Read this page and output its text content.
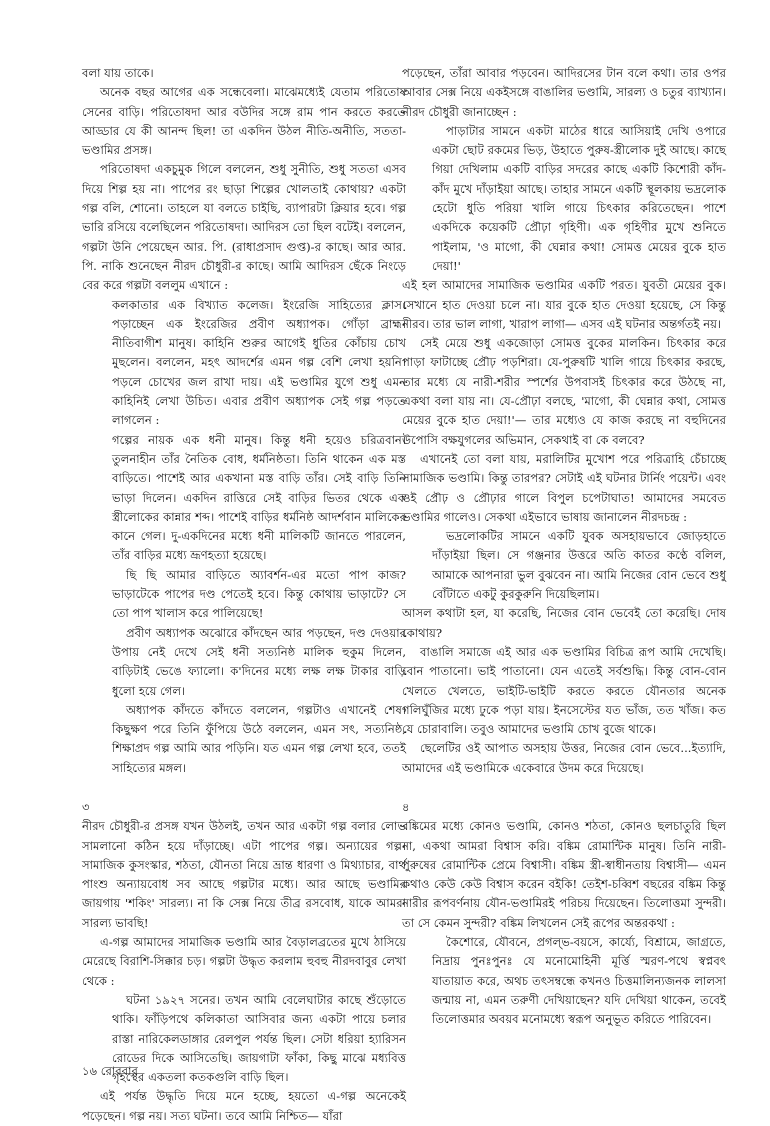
বলা যায় তাকে।

অনেক বছর আগের এক সন্ধেবেলা। মাঝেমধ্যেই যেতাম পরিতোষ সেনের বাড়ি। পরিতোষদা আর বউদির সঙ্গে রাম পান করতে করতে আড্ডার যে কী আনন্দ ছিল! তা একদিন উঠল নীতি-অনীতি, সততা-ভণ্ডামির প্রসঙ্গ।

পরিতোষদা একচুমুক গিলে বললেন, শুধু সুনীতি, শুধু সততা এসব দিয়ে শিল্প হয় না। পাপের রং ছাড়া শিল্পের খোলতাই কোথায়? একটা গল্প বলি, শোনো। তাহলে যা বলতে চাইছি, ব্যাপারটা ক্লিয়ার হবে। গল্প ভারি রসিয়ে বলেছিলেন পরিতোষদা। আদিরস তো ছিল বটেই। বললেন, গল্পটা উনি পেয়েছেন আর. পি. (রাধাপ্রসাদ গুপ্ত)-র কাছে। আর আর. পি. নাকি শুনেছেন নীরদ চৌধুরী-র কাছে। আমি আদিরস ছেঁকে নিংড়ে বের করে গল্পটা বললুম এখানে :

কলকাতার এক বিখ্যাত কলেজ। ইংরেজি সাহিত্যের ক্লাস। পড়াচ্ছেন এক ইংরেজির প্রবীণ অধ্যাপক। গোঁড়া ব্রাহ্ম। নীতিবাগীশ মানুষ। কাহিনি শুরুর আগেই ধুতির কোঁচায় চোখ মুছলেন। বললেন, মহৎ আদর্শের এমন গল্প বেশি লেখা হয়নি। পড়লে চোখের জল রাখা দায়। এই ভণ্ডামির যুগে শুধু এমন কাহিনিই লেখা উচিত। এবার প্রবীণ অধ্যাপক সেই গল্প পড়তে লাগলেন :

গল্পের নায়ক এক ধনী মানুষ। কিন্তু ধনী হয়েও চরিত্রবান। তুলনাহীন তাঁর নৈতিক বোধ, ধর্মনিষ্ঠতা। তিনি থাকেন এক মস্ত বাড়িতে। পাশেই আর একখানা মস্ত বাড়ি তাঁর। সেই বাড়ি তিনি ভাড়া দিলেন। একদিন রাত্তিরে সেই বাড়ির ভিতর থেকে এক স্ত্রীলোকের কান্নার শব্দ। পাশেই বাড়ির ধর্মনিষ্ঠ আদর্শবান মালিকের কানে গেল। দু-একদিনের মধ্যে ধনী মালিকটি জানতে পারলেন, তাঁর বাড়ির মধ্যে ভ্রূণহত্যা হয়েছে।

ছি ছি আমার বাড়িতে অ্যাবর্শন-এর মতো পাপ কাজ? ভাড়াটেকে পাপের দণ্ড পেতেই হবে। কিন্তু কোথায় ভাড়াটে? সে তো পাপ খালাস করে পালিয়েছে!

প্রবীণ অধ্যাপক অঝোরে কাঁদছেন আর পড়ছেন, দণ্ড দেওয়ার উপায় নেই দেখে সেই ধনী সত্যনিষ্ঠ মালিক হুকুম দিলেন, বাড়িটাই ভেঙে ফ্যালো। ক'দিনের মধ্যে লক্ষ লক্ষ টাকার বাড়ি ধুলো হয়ে গেল।

অধ্যাপক কাঁদতে কাঁদতে বললেন, গল্পটাও এখানেই শেষ। কিছুক্ষণ পরে তিনি ফুঁপিয়ে উঠে বললেন, এমন সৎ, সত্যনিষ্ঠ, শিক্ষাপ্রদ গল্প আমি আর পড়িনি। যত এমন গল্প লেখা হবে, ততই সাহিত্যের মঙ্গল।

৩

নীরদ চৌধুরী-র প্রসঙ্গ যখন উঠলই, তখন আর একটা গল্প বলার লোভ সামলানো কঠিন হয়ে দাঁড়াচ্ছে। এটা পাপের গল্প। অন্যায়ের গল্প। সামাজিক কুসংস্কার, শঠতা, যৌনতা নিয়ে ভ্রান্ত ধারণা ও মিথ্যাচার, বার্থ পাংশু অন্যায়বোধ সব আছে গল্পটার মধ্যে। আর আছে ভণ্ডামির জায়গায় 'শকিং' সারল্য। না কি সেক্স নিয়ে তীব্র রসবোধ, যাকে আমরা সারল্য ভাবছি!

এ-গল্প আমাদের সামাজিক ভণ্ডামি আর বৈড়ালব্রতের মুখে ঠাসিয়ে মেরেছে বিরাশি-সিক্কার চড়। গল্পটা উদ্ধৃত করলাম হুবহু নীরদবাবুর লেখা থেকে :

ঘটনা ১৯২৭ সনের। তখন আমি বেলেঘাটার কাছে শুঁড়োতে থাকি। ফাঁড়িপথে কলিকাতা আসিবার জন্য একটা পায়ে চলার রাস্তা নারিকেলডাঙ্গার রেলপুল পর্যন্ত ছিল। সেটা ধরিয়া হ্যারিসন রোডের দিকে আসিতেছি। জায়গাটা ফাঁকা, কিছু মাঝে মধ্যবিত্ত গৃহস্থের একতলা কতকগুলি বাড়ি ছিল।

এই পর্যন্ত উদ্ধৃতি দিয়ে মনে হচ্ছে, হয়তো এ-গল্প অনেকেই পড়েছেন। গল্প নয়। সত্য ঘটনা। তবে আমি নিশ্চিত— যাঁরা

পড়েছেন, তাঁরা আবার পড়বেন। আদিরসের টান বলে কথা। তার ওপর আবার সেক্স নিয়ে একইসঙ্গে বাঙালির ভণ্ডামি, সারল্য ও চতুর ব্যাখ্যান। নীরদ চৌধুরী জানাচ্ছেন :

পাড়াটার সামনে একটা মাঠের ধারে আসিয়াই দেখি ওপারে একটা ছোট রকমের ভিড়, উহাতে পুরুষ-স্ত্রীলোক দুই আছে। কাছে গিয়া দেখিলাম একটি বাড়ির সদরের কাছে একটি কিশোরী কাঁদ-কাঁদ মুখে দাঁড়াইয়া আছে। তাহার সামনে একটি স্থূলকায় ভদ্রলোক হেটো ধুতি পরিয়া খালি গায়ে চিৎকার করিতেছেন। পাশে একদিকে কয়েকটি প্রৌঢ়া গৃহিণী। এক গৃহিণীর মুখে শুনিতে পাইলাম, 'ও মাগো, কী ঘেন্নার কথা! সোমত্ত মেয়ের বুকে হাত দেয়া!'

এই হল আমাদের সামাজিক ভণ্ডামির একটি পরত। যুবতী মেয়ের বুক। সেখানে হাত দেওয়া চলে না। যার বুকে হাত দেওয়া হয়েছে, সে কিন্তু নীরব। তার ভাল লাগা, খারাপ লাগা— এসব এই ঘটনার অন্তর্গতই নয়।

সেই মেয়ে শুধু একজোড়া সোমত্ত বুকের মালকিন। চিৎকার করে পাড়া ফাটাচ্ছে প্রৌঢ় পড়শিরা। যে-পুরুষটি খালি গায়ে চিৎকার করছে, তার মধ্যে যে নারী-শরীর স্পর্শের উপবাসই চিৎকার করে উঠছে না, একথা বলা যায় না। যে-প্রৌঢ়া বলছে, 'মাগো, কী ঘেন্নার কথা, সোমত্ত মেয়ের বুকে হাত দেয়া!'— তার মধ্যেও যে কাজ করছে না বহুদিনের উপোসি বক্ষযুগলের অভিমান, সেকথাই বা কে বলবে?

এখানেই তো বলা যায়, মরালিটির মুখোশ পরে পরিত্রাহি চেঁচাচ্ছে সামাজিক ভণ্ডামি। কিন্তু তারপর? সেটাই এই ঘটনার টার্নিং পয়েন্ট। এবং ওই প্রৌঢ় ও প্রৌঢ়ার গালে বিপুল চপেটাঘাত! আমাদের সমবেত ভণ্ডামির গালেও। সেকথা এইভাবে ভাষায় জানালেন নীরদচন্দ্র :

ভদ্রলোকটির সামনে একটি যুবক অসহায়ভাবে জোড়হাতে দাঁড়াইয়া ছিল। সে গঞ্জনার উত্তরে অতি কাতর কণ্ঠে বলিল, আমাকে আপনারা ভুল বুঝবেন না। আমি নিজের বোন ভেবে শুধু বোঁটাতে একটু কুরকুরুনি দিয়েছিলাম।

আসল কথাটা হল, যা করেছি, নিজের বোন ভেবেই তো করেছি। দোষ কোথায়?

বাঙালি সমাজে এই আর এক ভণ্ডামির বিচিত্র রূপ আমি দেখেছি। বোন পাতানো। ভাই পাতানো। যেন এতেই সর্বশুদ্ধি। কিন্তু বোন-বোন খেলতে খেলতে, ভাইটি-ভাইটি করতে করতে যৌনতার অনেক গলিঘুঁজির মধ্যে ঢুকে পড়া যায়। ইনসেস্টের যত ভাঁজ, তত খাঁজ। কত যে চোরাবালি। তবুও আমাদের ভণ্ডামি চোখ বুজে থাকে।

ছেলেটির ওই আপাত অসহায় উত্তর, নিজের বোন ভেবে...ইত্যাদি, আমাদের এই ভণ্ডামিকে একেবারে উদম করে দিয়েছে।

৪

বঙ্কিমের মধ্যে কোনও ভণ্ডামি, কোনও শঠতা, কোনও ছলচাতুরি ছিল না, একথা আমরা বিশ্বাস করি। বঙ্কিম রোমান্টিক মানুষ। তিনি নারী-পুরুষের রোমান্টিক প্রেমে বিশ্বাসী। বঙ্কিম স্ত্রী-স্বাধীনতায় বিশ্বাসী— এমন কথাও কেউ কেউ বিশ্বাস করেন বইকি! তেইশ-চব্বিশ বছরের বঙ্কিম কিন্তু নারীর রূপবর্ণনায় যৌন-ভণ্ডামিরই পরিচয় দিয়েছেন। তিলোত্তমা সুন্দরী। তা সে কেমন সুন্দরী? বঙ্কিম লিখলেন সেই রূপের অন্তরকথা :

কৈশোরে, যৌবনে, প্রগল্ভ-বয়সে, কার্য্যে, বিশ্রামে, জাগ্রতে, নিদ্রায় পুনঃপুনঃ যে মনোমোহিনী মূর্ত্তি স্মরণ-পথে স্বপ্নবৎ যাতায়াত করে, অথচ তৎসম্বন্ধে কখনও চিত্তমালিন্যজনক লালসা জন্মায় না, এমন তরুণী দেখিয়াছেন? যদি দেখিয়া থাকেন, তবেই তিলোত্তমার অবয়ব মনোমধ্যে স্বরূপ অনুভূত করিতে পারিবেন।

১৬ রোববার
